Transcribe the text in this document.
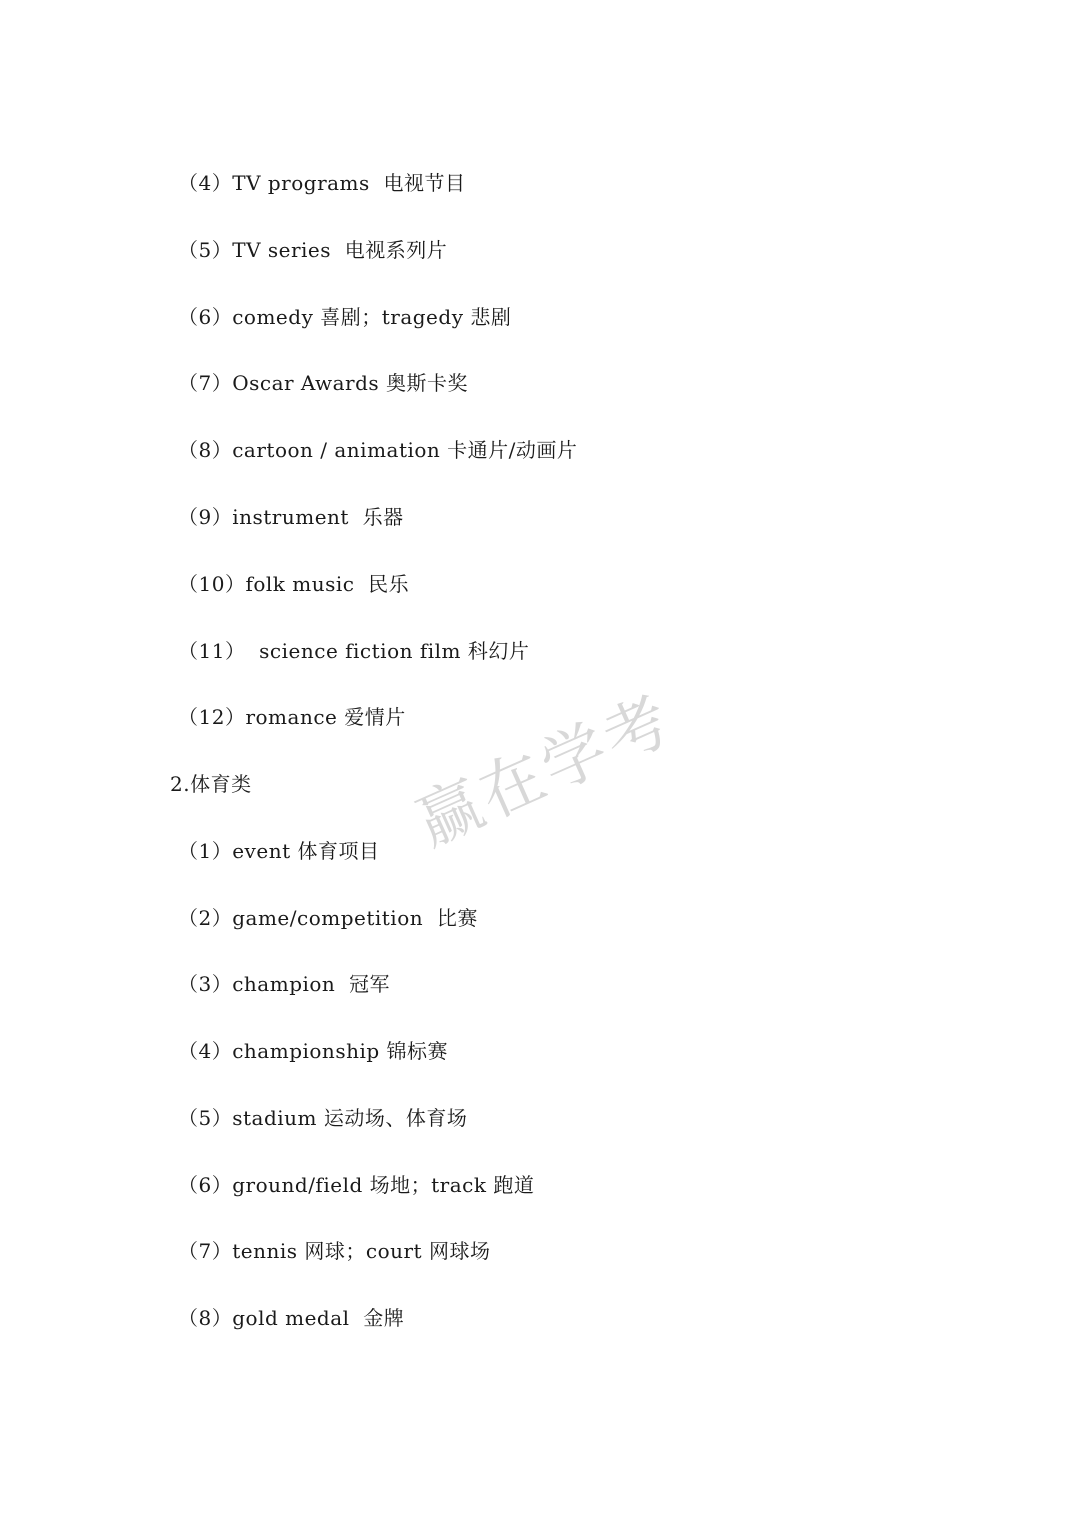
（4）TV programs  电视节目
（5）TV series  电视系列片
（6）comedy 喜剧；tragedy 悲剧
（7）Oscar Awards 奥斯卡奖
（8）cartoon / animation 卡通片/动画片
（9）instrument  乐器
（10）folk music  民乐
（11）  science fiction film 科幻片
（12）romance 爱情片
2.体育类
（1）event 体育项目
（2）game/competition  比赛
（3）champion  冠军
（4）championship 锦标赛
（5）stadium 运动场、体育场
（6）ground/field 场地；track 跑道
（7）tennis 网球；court 网球场
（8）gold medal  金牌
赢在学考
